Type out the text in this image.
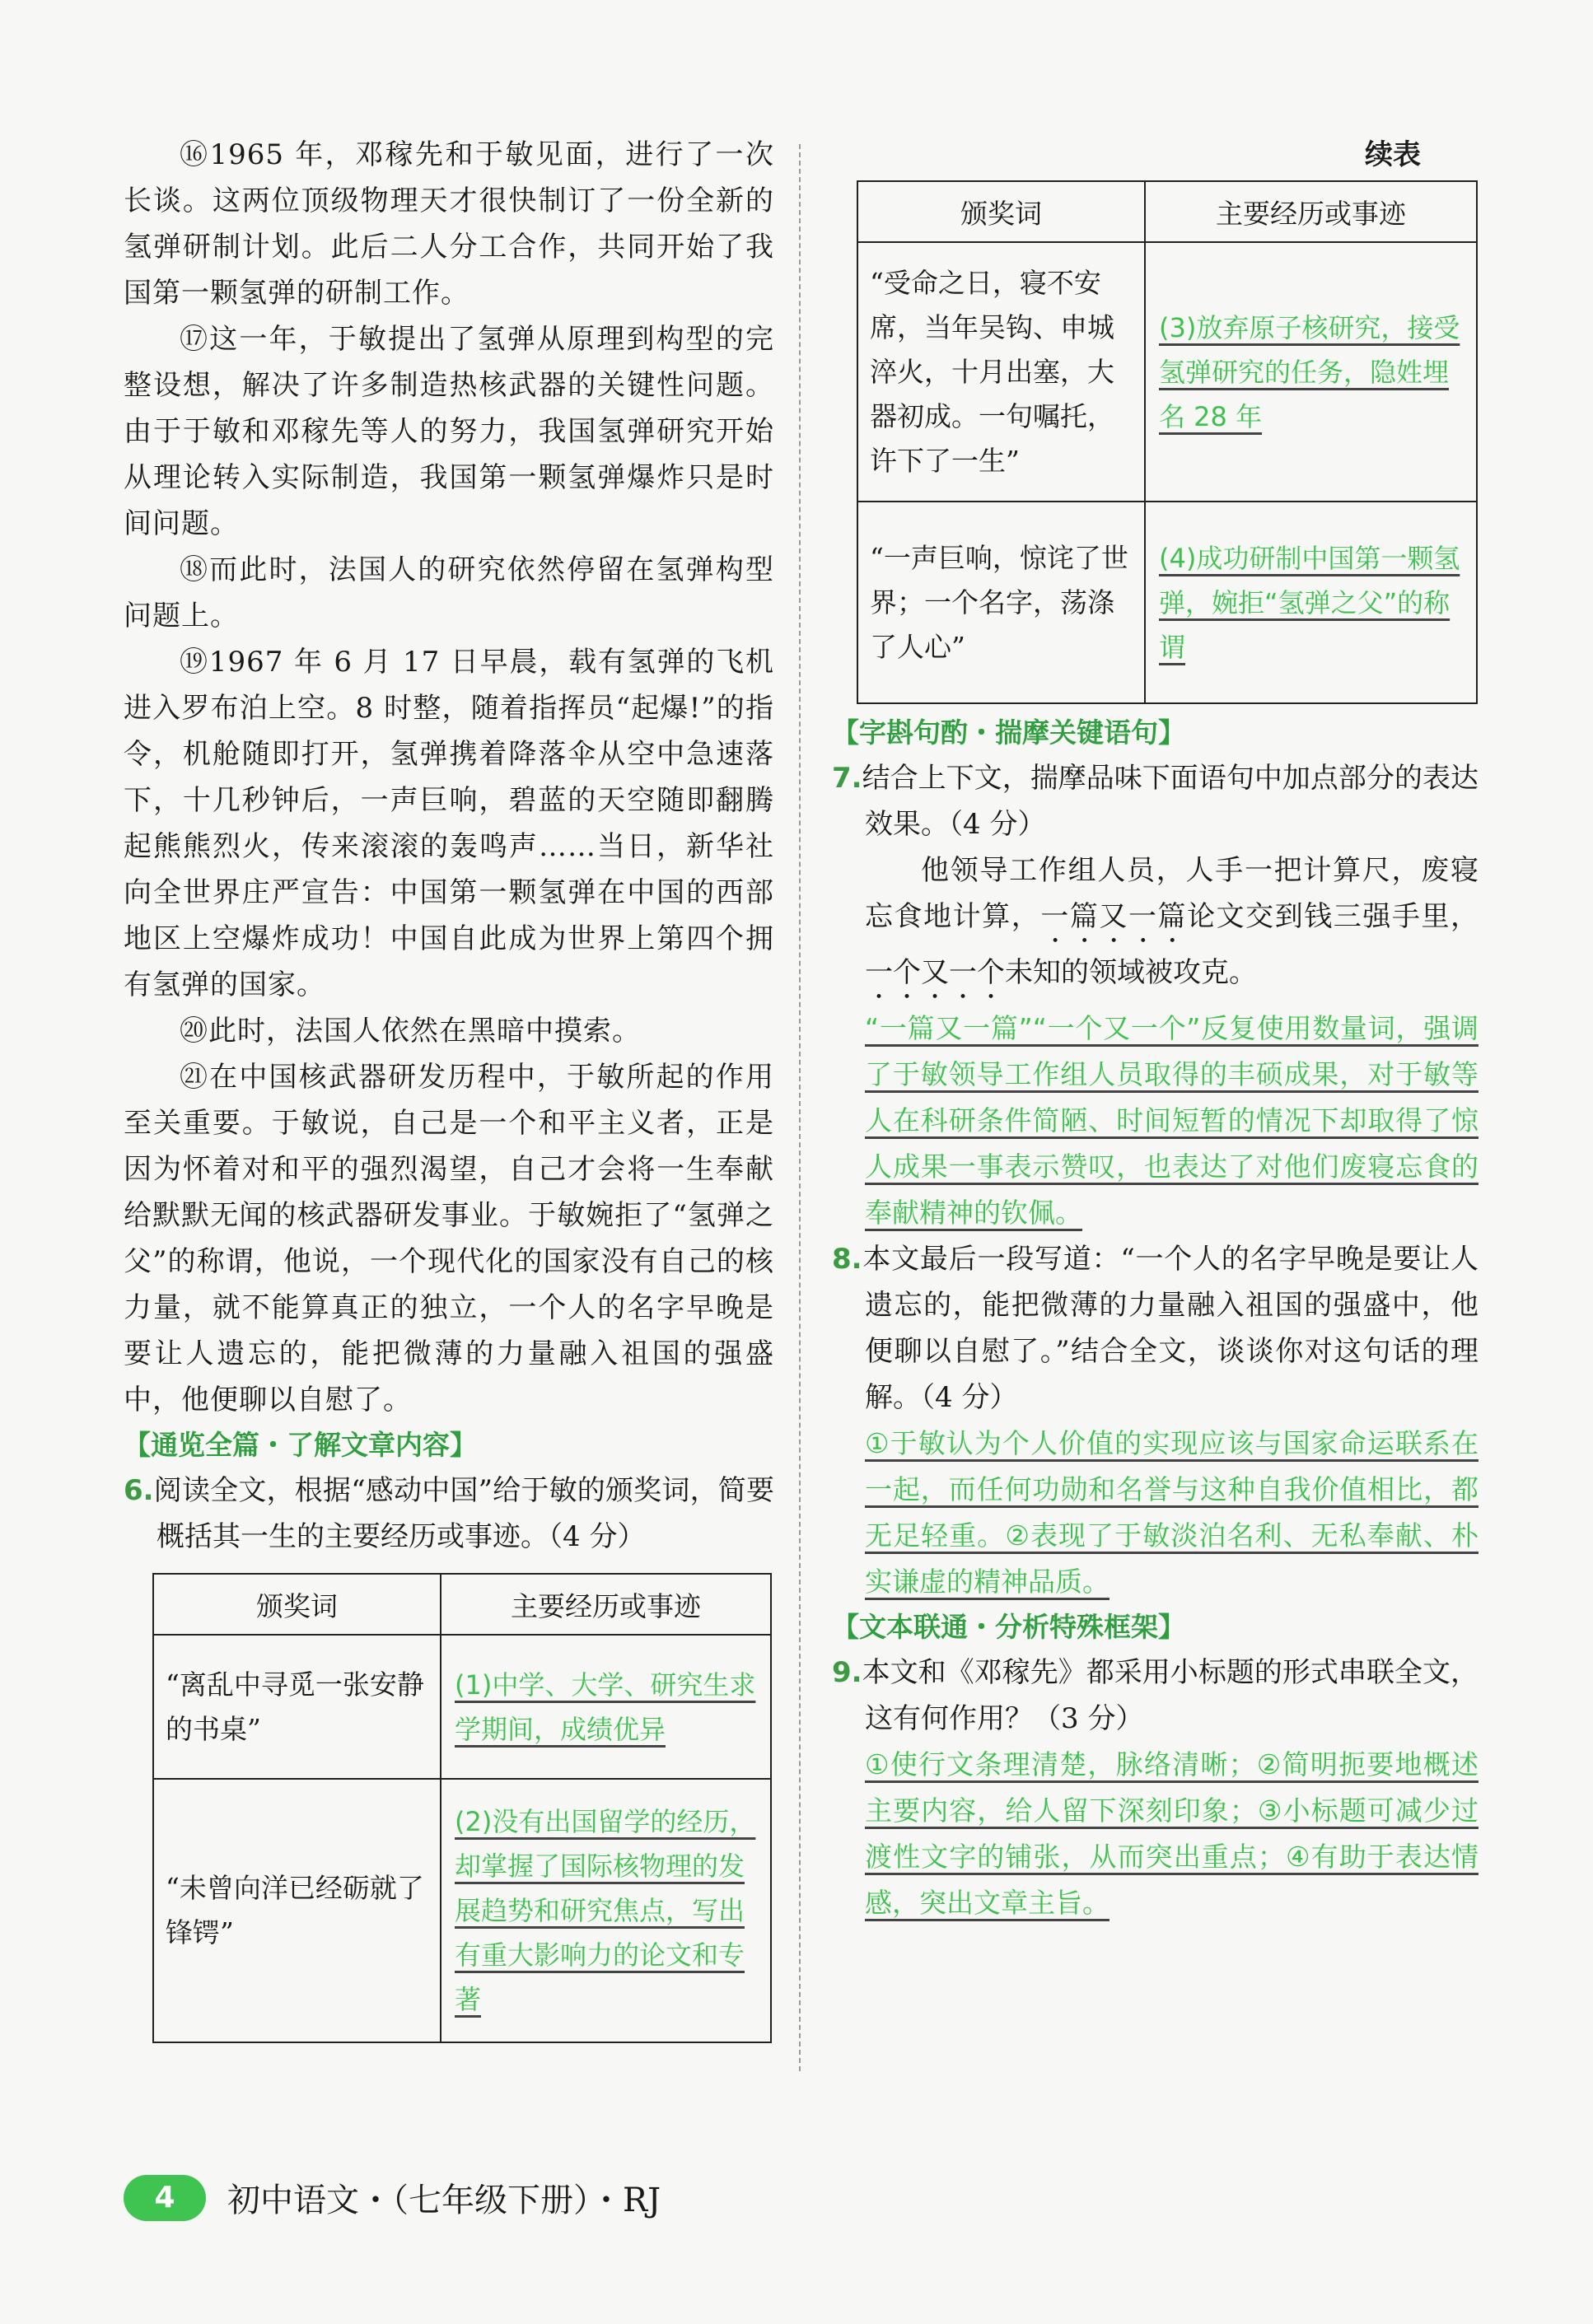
⑯1965 年，邓稼先和于敏见面，进行了一次长谈。这两位顶级物理天才很快制订了一份全新的氢弹研制计划。此后二人分工合作，共同开始了我国第一颗氢弹的研制工作。

⑰这一年，于敏提出了氢弹从原理到构型的完整设想，解决了许多制造热核武器的关键性问题。由于于敏和邓稼先等人的努力，我国氢弹研究开始从理论转入实际制造，我国第一颗氢弹爆炸只是时间问题。

⑱而此时，法国人的研究依然停留在氢弹构型问题上。

⑲1967 年 6 月 17 日早晨，载有氢弹的飞机进入罗布泊上空。8 时整，随着指挥员“起爆!”的指令，机舱随即打开，氢弹携着降落伞从空中急速落下，十几秒钟后，一声巨响，碧蓝的天空随即翻腾起熊熊烈火，传来滚滚的轰鸣声……当日，新华社向全世界庄严宣告：中国第一颗氢弹在中国的西部地区上空爆炸成功！中国自此成为世界上第四个拥有氢弹的国家。

⑳此时，法国人依然在黑暗中摸索。

㉑在中国核武器研发历程中，于敏所起的作用至关重要。于敏说，自己是一个和平主义者，正是因为怀着对和平的强烈渴望，自己才会将一生奉献给默默无闻的核武器研发事业。于敏婉拒了“氢弹之父”的称谓，他说，一个现代化的国家没有自己的核力量，就不能算真正的独立，一个人的名字早晚是要让人遗忘的，能把微薄的力量融入祖国的强盛中，他便聊以自慰了。

【通览全篇・了解文章内容】

6.阅读全文，根据“感动中国”给于敏的颁奖词，简要概括其一生的主要经历或事迹。（4 分）

颁奖词	主要经历或事迹
“离乱中寻觅一张安静的书桌”	(1)中学、大学、研究生求学期间，成绩优异
“未曾向洋已经砺就了锋锷”	(2)没有出国留学的经历，却掌握了国际核物理的发展趋势和研究焦点，写出有重大影响力的论文和专著

续表

颁奖词	主要经历或事迹
“受命之日，寝不安席，当年吴钩、申城淬火，十月出塞，大器初成。一句嘱托，许下了一生”	(3)放弃原子核研究，接受氢弹研究的任务，隐姓埋名 28 年
“一声巨响，惊诧了世界；一个名字，荡涤了人心”	(4)成功研制中国第一颗氢弹，婉拒“氢弹之父”的称谓

【字斟句酌・揣摩关键语句】

7.结合上下文，揣摩品味下面语句中加点部分的表达效果。（4 分）

他领导工作组人员，人手一把计算尺，废寝忘食地计算，一篇又一篇论文交到钱三强手里，一个又一个未知的领域被攻克。

“一篇又一篇”“一个又一个”反复使用数量词，强调了于敏领导工作组人员取得的丰硕成果，对于敏等人在科研条件简陋、时间短暂的情况下却取得了惊人成果一事表示赞叹，也表达了对他们废寝忘食的奉献精神的钦佩。

8.本文最后一段写道：“一个人的名字早晚是要让人遗忘的，能把微薄的力量融入祖国的强盛中，他便聊以自慰了。”结合全文，谈谈你对这句话的理解。（4 分）

①于敏认为个人价值的实现应该与国家命运联系在一起，而任何功勋和名誉与这种自我价值相比，都无足轻重。②表现了于敏淡泊名利、无私奉献、朴实谦虚的精神品质。

【文本联通・分析特殊框架】

9.本文和《邓稼先》都采用小标题的形式串联全文，这有何作用？（3 分）

①使行文条理清楚，脉络清晰；②简明扼要地概述主要内容，给人留下深刻印象；③小标题可减少过渡性文字的铺张，从而突出重点；④有助于表达情感，突出文章主旨。

4	初中语文・（七年级下册）・RJ
